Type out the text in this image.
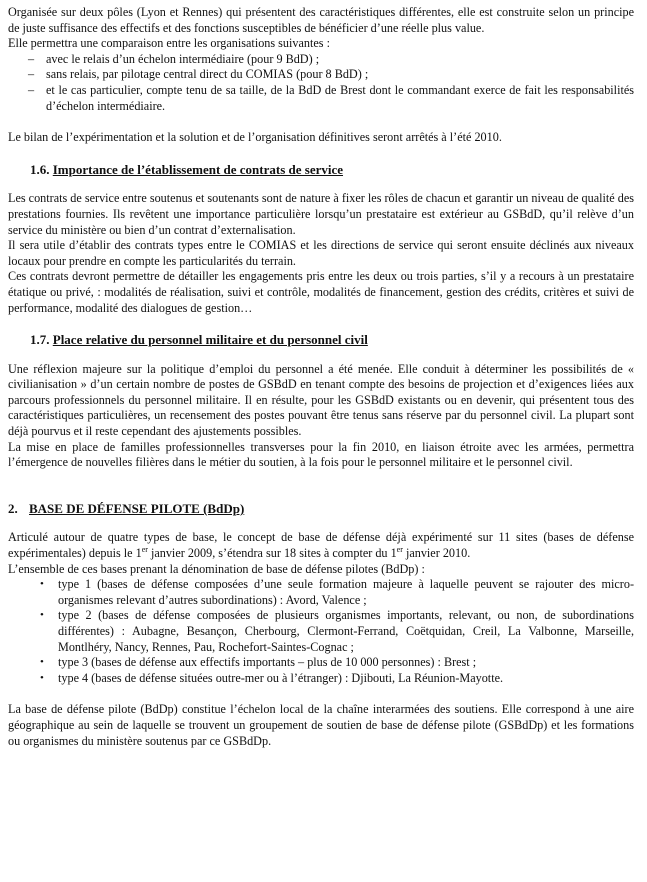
Organisée sur deux pôles (Lyon et Rennes) qui présentent des caractéristiques différentes, elle est construite selon un principe de juste suffisance des effectifs et des fonctions susceptibles de bénéficier d’une réelle plus value.

Elle permettra une comparaison entre les organisations suivantes :

– avec le relais d’un échelon intermédiaire (pour 9 BdD) ;
– sans relais, par pilotage central direct du COMIAS (pour 8 BdD) ;
– et le cas particulier, compte tenu de sa taille, de la BdD de Brest dont le commandant exerce de fait les responsabilités d’échelon intermédiaire.

Le bilan de l’expérimentation et la solution et de l’organisation définitives seront arrêtés à l’été 2010.

1.6. Importance de l’établissement de contrats de service

Les contrats de service entre soutenus et soutenants sont de nature à fixer les rôles de chacun et garantir un niveau de qualité des prestations fournies. Ils revêtent une importance particulière lorsqu’un prestataire est extérieur au GSBdD, qu’il relève d’un service du ministère ou bien d’un contrat d’externalisation.

Il sera utile d’établir des contrats types entre le COMIAS et les directions de service qui seront ensuite déclinés aux niveaux locaux pour prendre en compte les particularités du terrain.

Ces contrats devront permettre de détailler les engagements pris entre les deux ou trois parties, s’il y a recours à un prestataire étatique ou privé, : modalités de réalisation, suivi et contrôle, modalités de financement, gestion des crédits, critères et suivi de performance, modalité des dialogues de gestion…

1.7. Place relative du personnel militaire et du personnel civil

Une réflexion majeure sur la politique d’emploi du personnel a été menée. Elle conduit à déterminer les possibilités de « civilianisation » d’un certain nombre de postes de GSBdD en tenant compte des besoins de projection et d’exigences liées aux parcours professionnels du personnel militaire. Il en résulte, pour les GSBdD existants ou en devenir, qui présentent tous des caractéristiques particulières, un recensement des postes pouvant être tenus sans réserve par du personnel civil. La plupart sont déjà pourvus et il reste cependant des ajustements possibles.

La mise en place de familles professionnelles transverses pour la fin 2010, en liaison étroite avec les armées, permettra l’émergence de nouvelles filières dans le métier du soutien, à la fois pour le personnel militaire et le personnel civil.

2. BASE DE DÉFENSE PILOTE (BdDp)

Articulé autour de quatre types de base, le concept de base de défense déjà expérimenté sur 11 sites (bases de défense expérimentales) depuis le 1er janvier 2009, s’étendra sur 18 sites à compter du 1er janvier 2010.

L’ensemble de ces bases prenant la dénomination de base de défense pilotes (BdDp) :

• type 1 (bases de défense composées d’une seule formation majeure à laquelle peuvent se rajouter des micro-organismes relevant d’autres subordinations) : Avord, Valence ;
• type 2 (bases de défense composées de plusieurs organismes importants, relevant, ou non, de subordinations différentes) : Aubagne, Besançon, Cherbourg, Clermont-Ferrand, Coëtquidan, Creil, La Valbonne, Marseille, Montlhéry, Nancy, Rennes, Pau, Rochefort-Saintes-Cognac ;
• type 3 (bases de défense aux effectifs importants – plus de 10 000 personnes) : Brest ;
• type 4 (bases de défense situées outre-mer ou à l’étranger) : Djibouti, La Réunion-Mayotte.

La base de défense pilote (BdDp) constitue l’échelon local de la chaîne interarmées des soutiens. Elle correspond à une aire géographique au sein de laquelle se trouvent un groupement de soutien de base de défense pilote (GSBdDp) et les formations ou organismes du ministère soutenus par ce GSBdDp.
